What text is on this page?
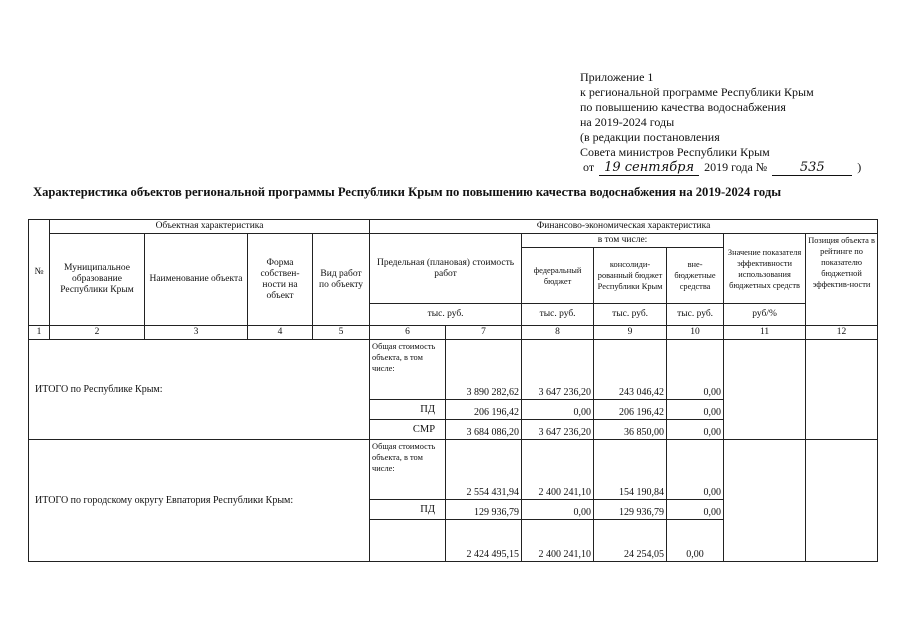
Приложение 1
к региональной программе Республики Крым
по повышению качества водоснабжения
на 2019-2024 годы
(в редакции постановления
Совета министров Республики Крым
от 19 сентября 2019 года №	535	)
Характеристика объектов региональной программы Республики Крым по повышению качества водоснабжения на 2019-2024 годы
№	Объектная характеристика				Финансово-экономическая характеристика						
	Муниципальное образование Республики Крым	Наименование объекта	Форма собствен-ности на объект	Вид работ по объекту	Предельная (плановая) стоимость работ		в том числе:			Значение показателя эффективности использования бюджетных средств	Позиция объекта в рейтинге по показателю бюджетной эффектив-ности
							федеральный бюджет	консолиди-рованный бюджет Республики Крым	вне-бюджетные средства		
					тыс. руб.		тыс. руб.	тыс. руб.	тыс. руб.	руб/%	
1	2	3	4	5	6	7	8	9	10	11	12
ИТОГО по Республике Крым:					Общая стоимость объекта, в том числе:	3 890 282,62	3 647 236,20	243 046,42	0,00		
					ПД	206 196,42	0,00	206 196,42	0,00		
					СМР	3 684 086,20	3 647 236,20	36 850,00	0,00		
ИТОГО по городскому округу Евпатория Республики Крым:					Общая стоимость объекта, в том числе:	2 554 431,94	2 400 241,10	154 190,84	0,00		
					ПД	129 936,79	0,00	129 936,79	0,00		
						2 424 495,15	2 400 241,10	24 254,05	0,00		
